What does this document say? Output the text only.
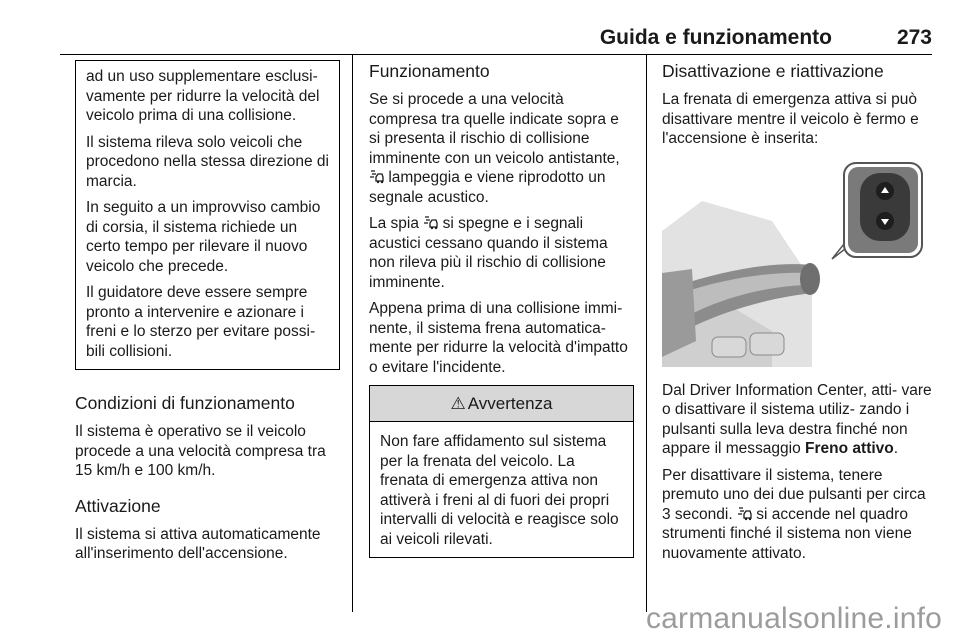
Guida e funzionamento	273

ad un uso supplementare esclusi- vamente per ridurre la velocità del veicolo prima di una collisione.

Il sistema rileva solo veicoli che procedono nella stessa direzione di marcia.

In seguito a un improvviso cambio di corsia, il sistema richiede un certo tempo per rilevare il nuovo veicolo che precede.

Il guidatore deve essere sempre pronto a intervenire e azionare i freni e lo sterzo per evitare possi- bili collisioni.

Condizioni di funzionamento

Il sistema è operativo se il veicolo procede a una velocità compresa tra 15 km/h e 100 km/h.

Attivazione

Il sistema si attiva automaticamente all'inserimento dell'accensione.

Funzionamento

Se si procede a una velocità compresa tra quelle indicate sopra e si presenta il rischio di collisione imminente con un veicolo antistante,  lampeggia e viene riprodotto un segnale acustico.

La spia si spegne e i segnali acustici cessano quando il sistema non rileva più il rischio di collisione imminente.

Appena prima di una collisione immi- nente, il sistema frena automatica- mente per ridurre la velocità d'impatto o evitare l'incidente.

⚠ Avvertenza
Non fare affidamento sul sistema per la frenata del veicolo. La frenata di emergenza attiva non attiverà i freni al di fuori dei propri intervalli di velocità e reagisce solo ai veicoli rilevati.
Disattivazione e riattivazione

La frenata di emergenza attiva si può disattivare mentre il veicolo è fermo e l'accensione è inserita:

Dal Driver Information Center, atti- vare o disattivare il sistema utiliz- zando i pulsanti sulla leva destra finché non appare il messaggio Freno attivo.

Per disattivare il sistema, tenere premuto uno dei due pulsanti per circa 3 secondi. si accende nel quadro strumenti finché il sistema non viene nuovamente attivato.

carmanualsonline.info
